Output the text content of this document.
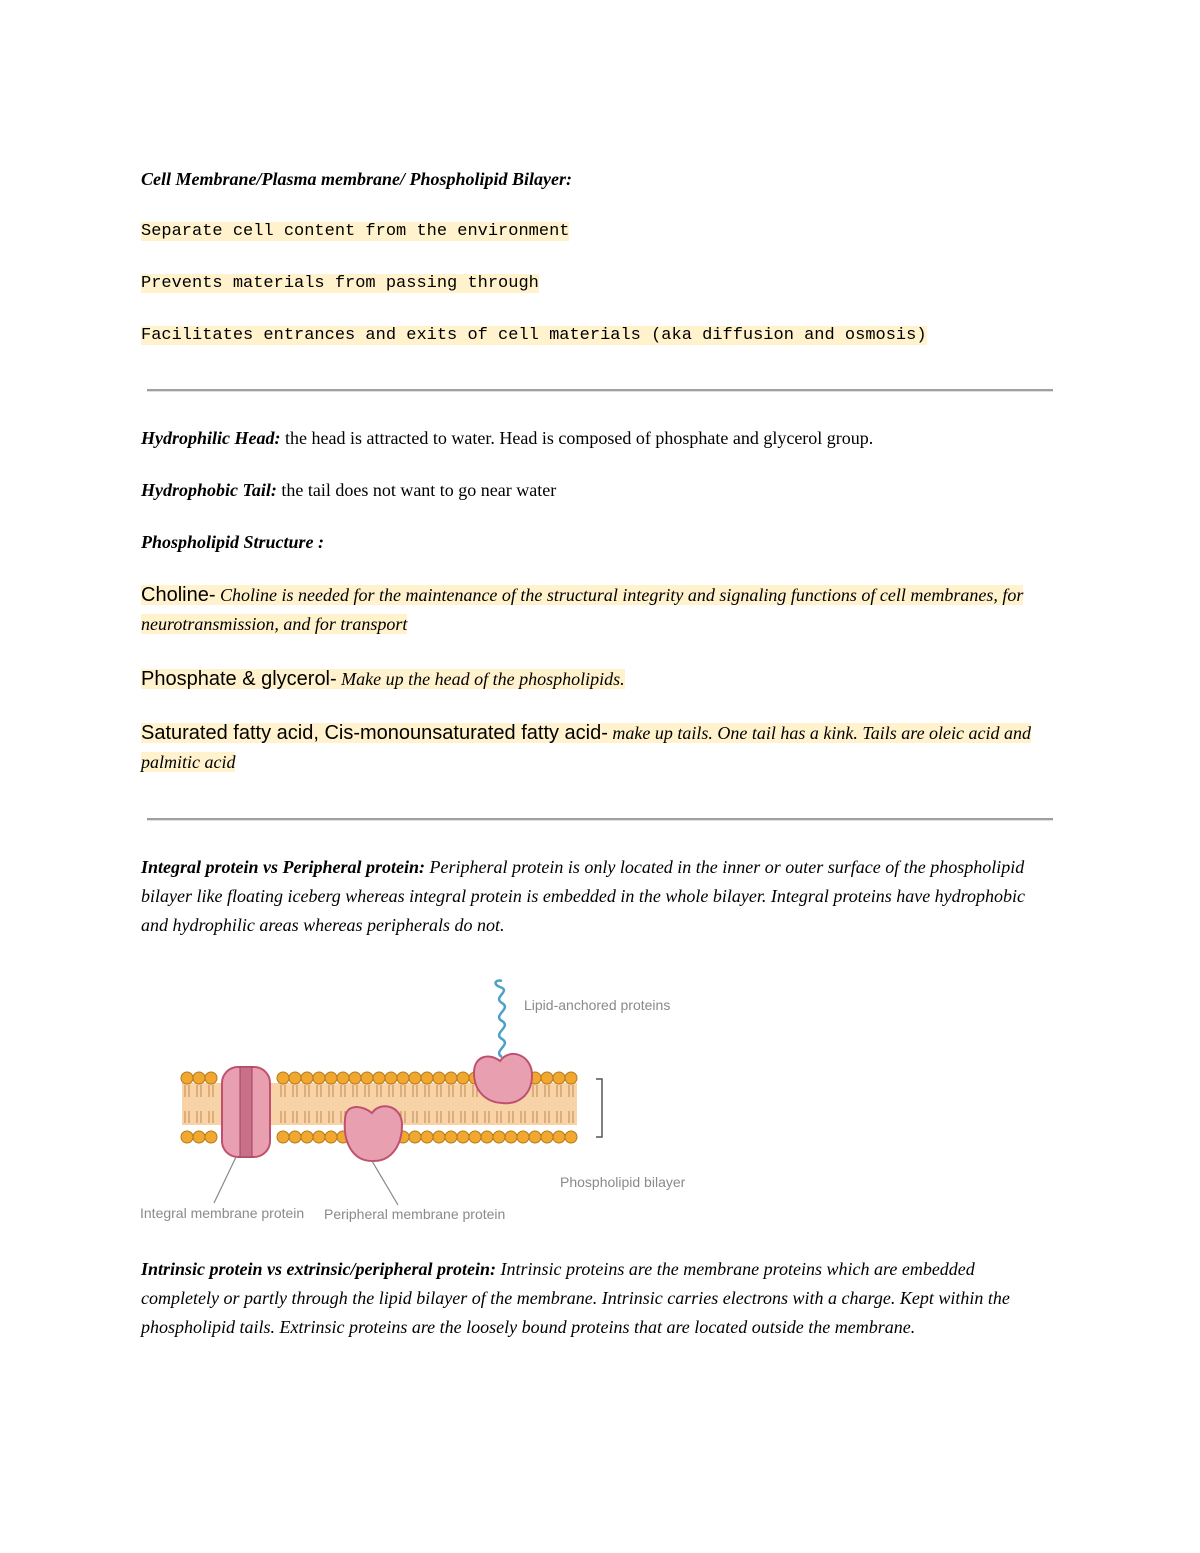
Cell Membrane/Plasma membrane/ Phospholipid Bilayer:
Separate cell content from the environment
Prevents materials from passing through
Facilitates entrances and exits of cell materials (aka diffusion and osmosis)
Hydrophilic Head: the head is attracted to water. Head is composed of phosphate and glycerol group.
Hydrophobic Tail: the tail does not want to go near water
Phospholipid Structure :
Choline- Choline is needed for the maintenance of the structural integrity and signaling functions of cell membranes, for neurotransmission, and for transport
Phosphate & glycerol- Make up the head of the phospholipids.
Saturated fatty acid, Cis-monounsaturated fatty acid- make up tails. One tail has a kink. Tails are oleic acid and palmitic acid
Integral protein vs Peripheral protein: Peripheral protein is only located in the inner or outer surface of the phospholipid bilayer like floating iceberg whereas integral protein is embedded in the whole bilayer. Integral proteins have hydrophobic and hydrophilic areas whereas peripherals do not.
Lipid-anchored proteins
Phospholipid bilayer
Integral membrane protein Peripheral membrane protein
Intrinsic protein vs extrinsic/peripheral protein: Intrinsic proteins are the membrane proteins which are embedded completely or partly through the lipid bilayer of the membrane. Intrinsic carries electrons with a charge. Kept within the phospholipid tails. Extrinsic proteins are the loosely bound proteins that are located outside the membrane.
